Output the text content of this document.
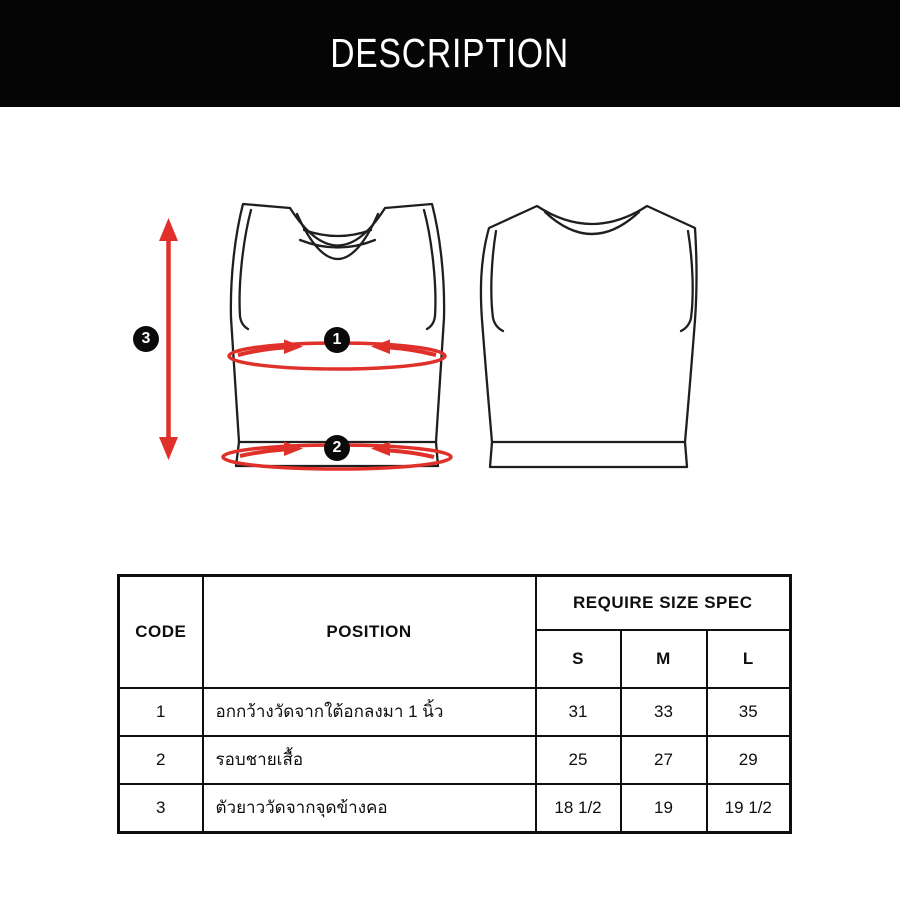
DESCRIPTION
1
2
3
CODE	POSITION	REQUIRE SIZE SPEC		
		S	M	L
1	อกกว้างวัดจากใต้อกลงมา 1 นิ้ว	31	33	35
2	รอบชายเสื้อ	25	27	29
3	ตัวยาววัดจากจุดข้างคอ	18 1/2	19	19 1/2
